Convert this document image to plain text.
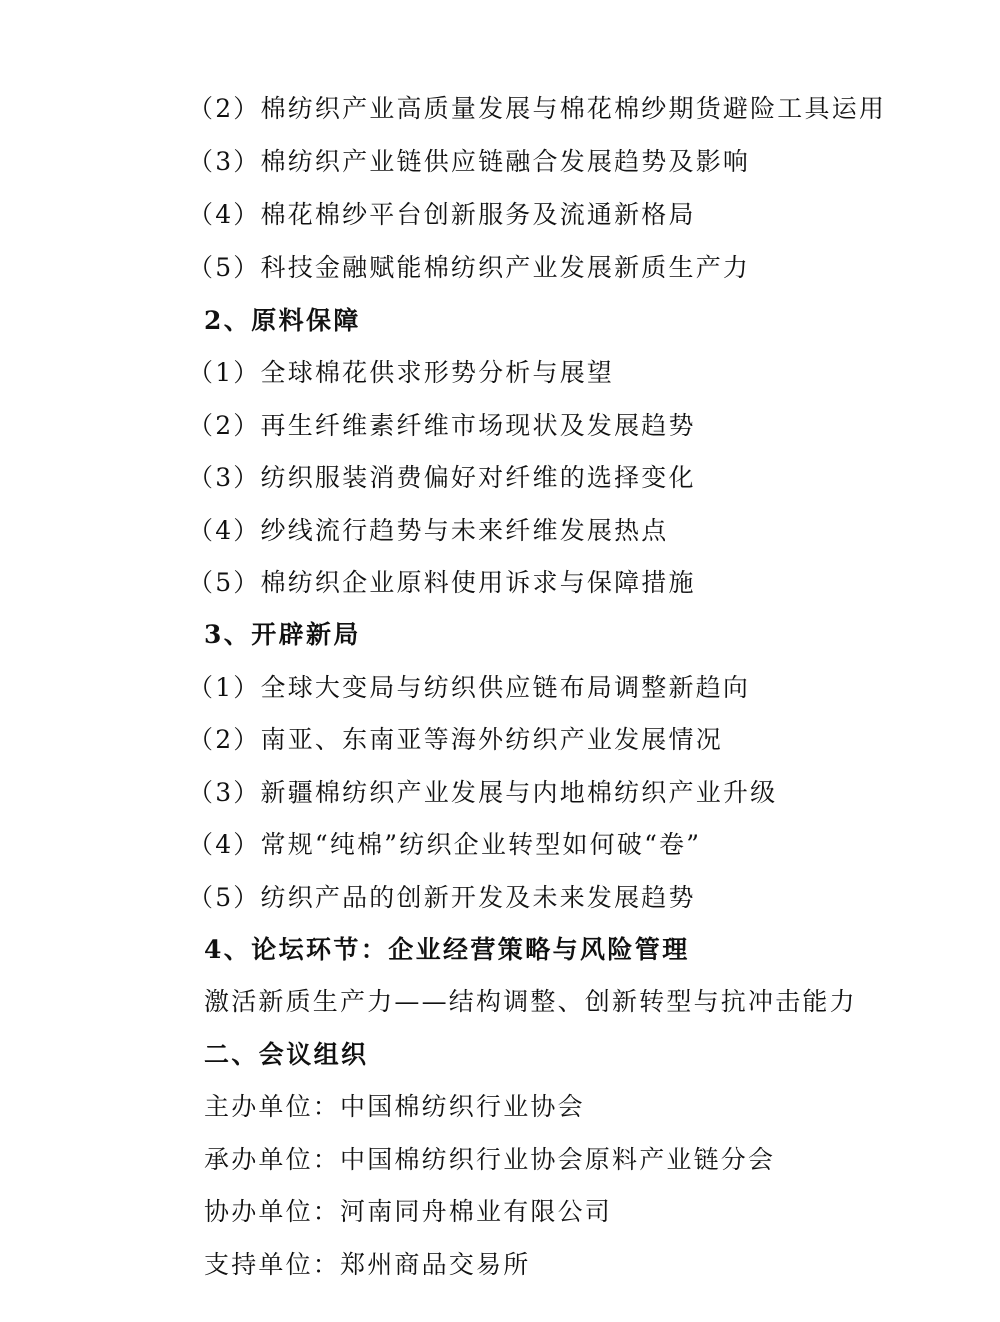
（2）棉纺织产业高质量发展与棉花棉纱期货避险工具运用
（3）棉纺织产业链供应链融合发展趋势及影响
（4）棉花棉纱平台创新服务及流通新格局
（5）科技金融赋能棉纺织产业发展新质生产力
2、原料保障
（1）全球棉花供求形势分析与展望
（2）再生纤维素纤维市场现状及发展趋势
（3）纺织服装消费偏好对纤维的选择变化
（4）纱线流行趋势与未来纤维发展热点
（5）棉纺织企业原料使用诉求与保障措施
3、开辟新局
（1）全球大变局与纺织供应链布局调整新趋向
（2）南亚、东南亚等海外纺织产业发展情况
（3）新疆棉纺织产业发展与内地棉纺织产业升级
（4）常规“纯棉”纺织企业转型如何破“卷”
（5）纺织产品的创新开发及未来发展趋势
4、论坛环节：企业经营策略与风险管理
激活新质生产力——结构调整、创新转型与抗冲击能力
二、会议组织
主办单位：中国棉纺织行业协会
承办单位：中国棉纺织行业协会原料产业链分会
协办单位：河南同舟棉业有限公司
支持单位：郑州商品交易所
